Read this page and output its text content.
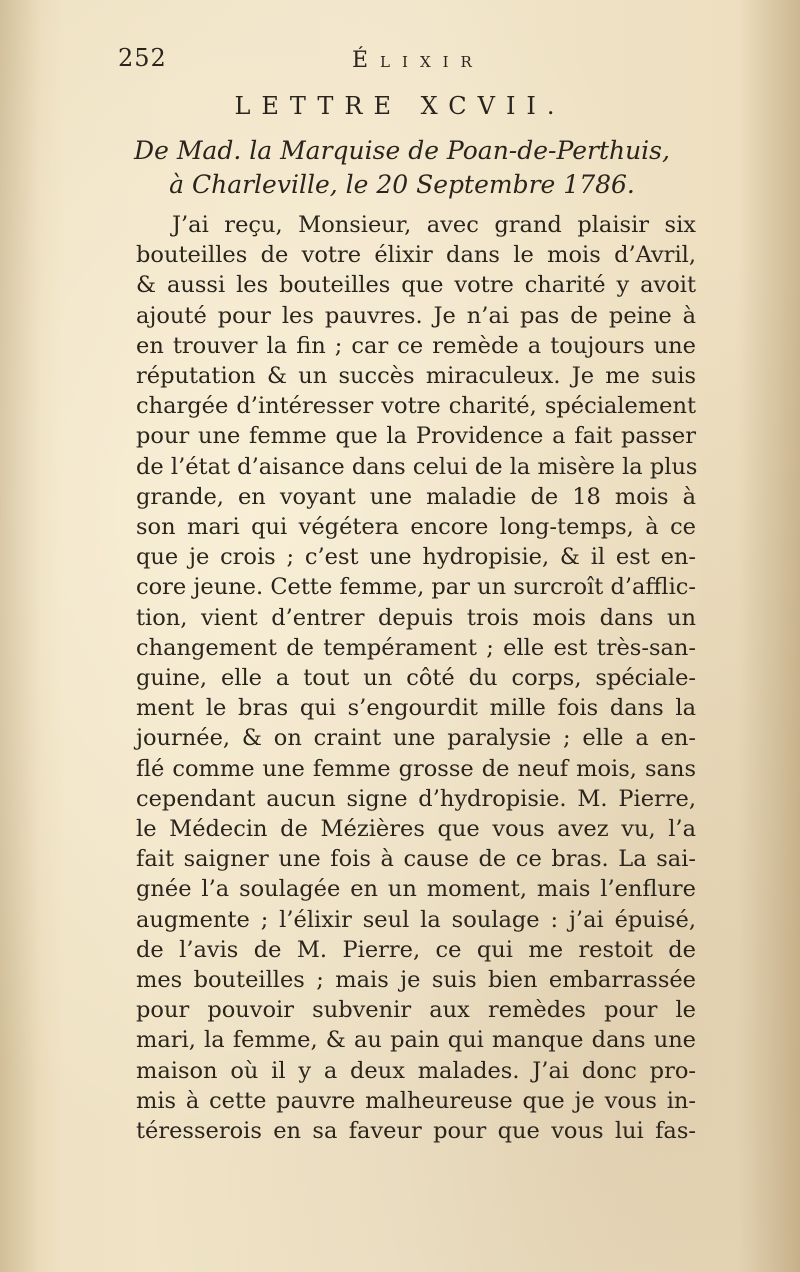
252	Élixir
LETTRE XCVII.
De Mad. la Marquise de Poan-de-Perthuis,
à Charleville, le 20 Septembre 1786.
J’ai reçu, Monsieur, avec grand plaisir six
bouteilles de votre élixir dans le mois d’Avril,
& aussi les bouteilles que votre charité y avoit
ajouté pour les pauvres. Je n’ai pas de peine à
en trouver la fin ; car ce remède a toujours une
réputation & un succès miraculeux. Je me suis
chargée d’intéresser votre charité, spécialement
pour une femme que la Providence a fait passer
de l’état d’aisance dans celui de la misère la plus
grande, en voyant une maladie de 18 mois à
son mari qui végétera encore long-temps, à ce
que je crois ; c’est une hydropisie, & il est en-
core jeune. Cette femme, par un surcroît d’afflic-
tion, vient d’entrer depuis trois mois dans un
changement de tempérament ; elle est très-san-
guine, elle a tout un côté du corps, spéciale-
ment le bras qui s’engourdit mille fois dans la
journée, & on craint une paralysie ; elle a en-
flé comme une femme grosse de neuf mois, sans
cependant aucun signe d’hydropisie. M. Pierre,
le Médecin de Mézières que vous avez vu, l’a
fait saigner une fois à cause de ce bras. La sai-
gnée l’a soulagée en un moment, mais l’enflure
augmente ; l’élixir seul la soulage : j’ai épuisé,
de l’avis de M. Pierre, ce qui me restoit de
mes bouteilles ; mais je suis bien embarrassée
pour pouvoir subvenir aux remèdes pour le
mari, la femme, & au pain qui manque dans une
maison où il y a deux malades. J’ai donc pro-
mis à cette pauvre malheureuse que je vous in-
téresserois en sa faveur pour que vous lui fas-
